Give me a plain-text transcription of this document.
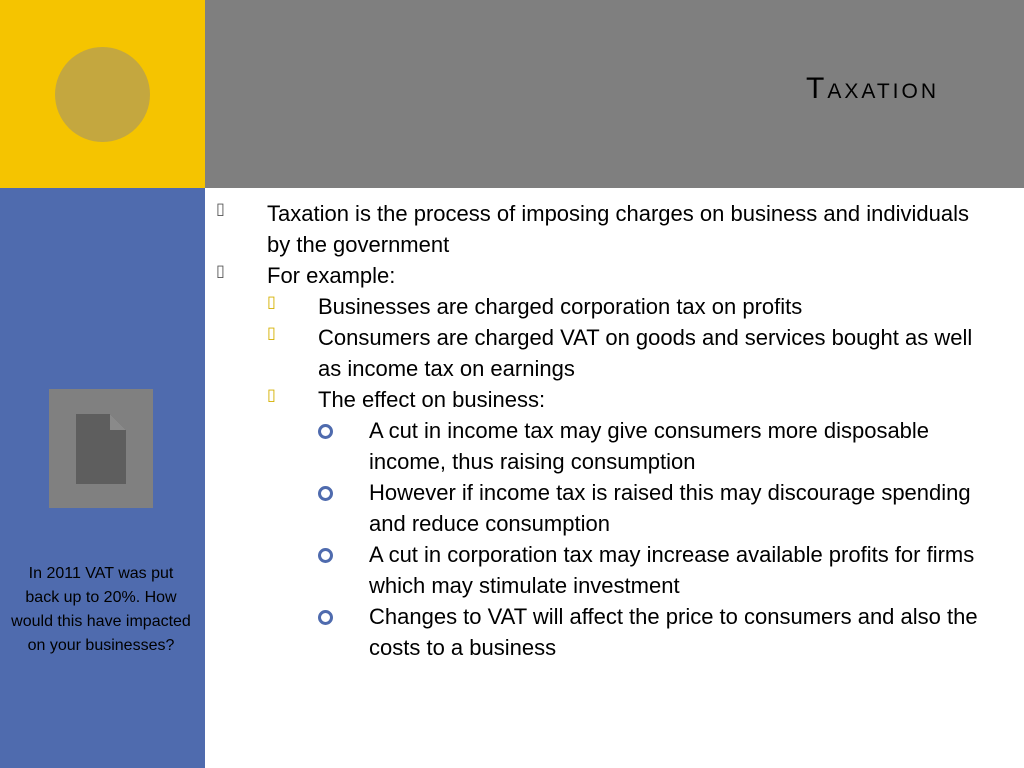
Taxation
In 2011 VAT was put back up to 20%. How would this have impacted on your businesses?
▯ Taxation is the process of imposing charges on business and individuals by the government
▯ For example:
▯ Businesses are charged corporation tax on profits
▯ Consumers are charged VAT on goods and services bought as well as income tax on earnings
▯ The effect on business:
A cut in income tax may give consumers more disposable income, thus raising consumption
However if income tax is raised this may discourage spending and reduce consumption
A cut in corporation tax may increase available profits for firms which may stimulate investment
Changes to VAT will affect the price to consumers and also the costs to a business
